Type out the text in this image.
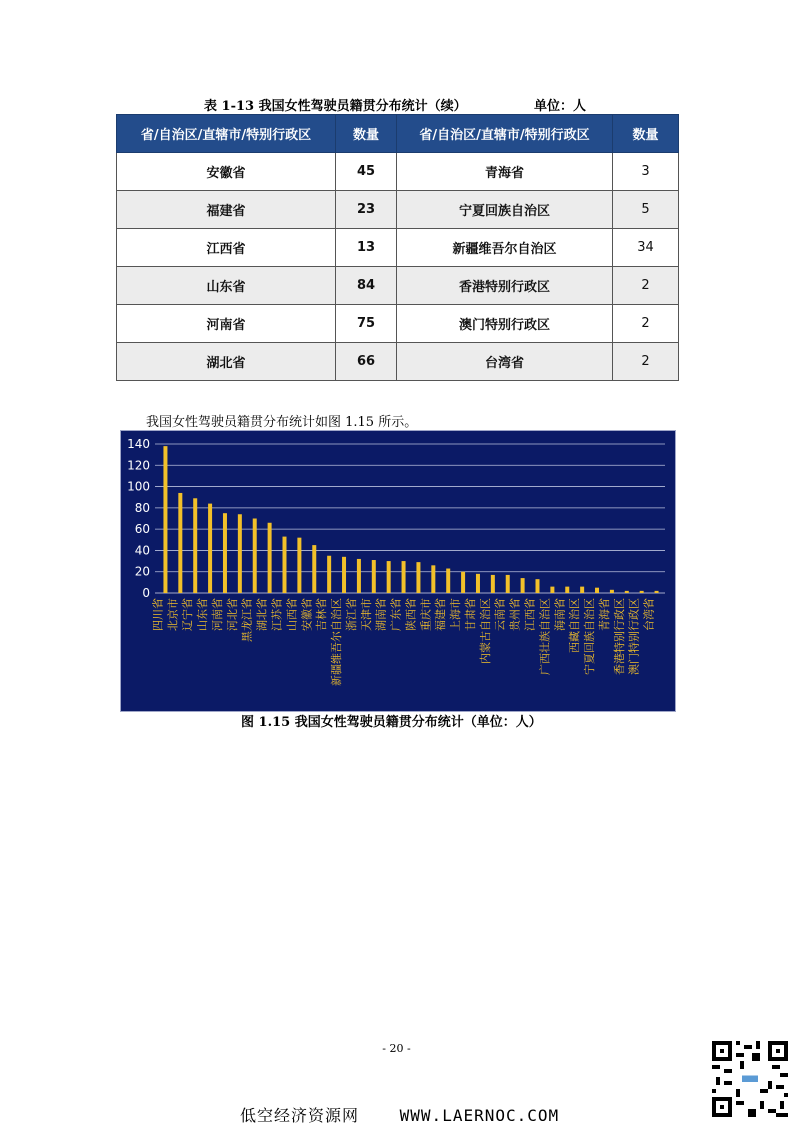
表 1-13 我国女性驾驶员籍贯分布统计（续）	单位：人
省/自治区/直辖市/特别行政区	数量	省/自治区/直辖市/特别行政区	数量
安徽省	45	青海省	3
福建省	23	宁夏回族自治区	5
江西省	13	新疆维吾尔自治区	34
山东省	84	香港特别行政区	2
河南省	75	澳门特别行政区	2
湖北省	66	台湾省	2
我国女性驾驶员籍贯分布统计如图 1.15 所示。
0
20
40
60
80
100
120
140
四川省 北京市 辽宁省 山东省 河南省 河北省 黑龙江省 湖北省 江苏省 山西省 安徽省 吉林省 新疆维吾尔自治区 浙江省 天津市 湖南省 广东省 陕西省 重庆市 福建省 上海市 甘肃省 内蒙古自治区 云南省 贵州省 江西省 广西壮族自治区 海南省 西藏自治区 宁夏回族自治区 青海省 香港特别行政区 澳门特别行政区 台湾省
图 1.15 我国女性驾驶员籍贯分布统计（单位：人）
- 20 -
低空经济资源网	WWW.LAERNOC.COM
